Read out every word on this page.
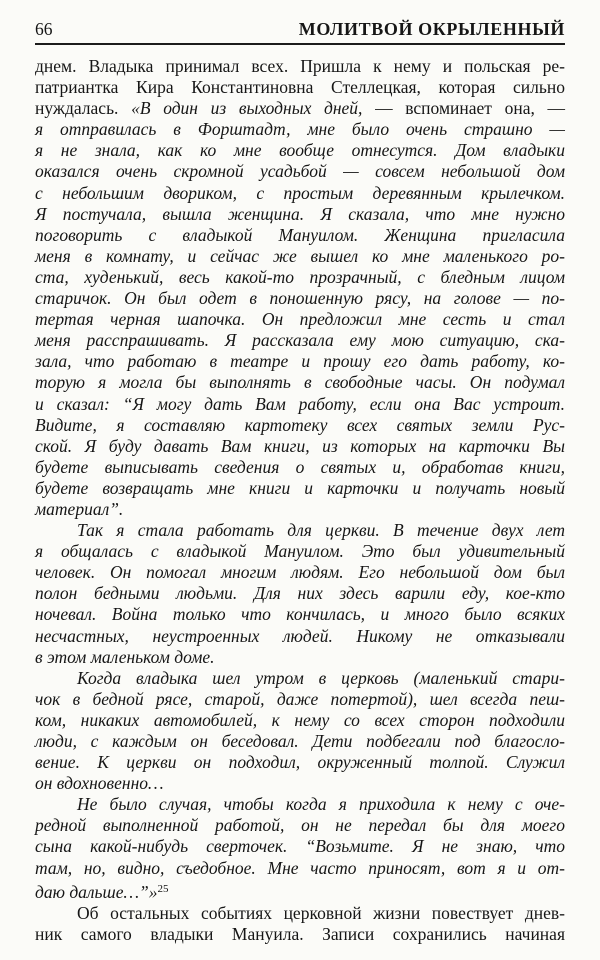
66	МОЛИТВОЙ ОКРЫЛЕННЫЙ
днем. Владыка принимал всех. Пришла к нему и польская ре-
патриантка Кира Константиновна Стеллецкая, которая сильно
нуждалась. «В один из выходных дней, — вспоминает она, —
я отправилась в Форштадт, мне было очень страшно —
я не знала, как ко мне вообще отнесутся. Дом владыки
оказался очень скромной усадьбой — совсем небольшой дом
с небольшим двориком, с простым деревянным крылечком.
Я постучала, вышла женщина. Я сказала, что мне нужно
поговорить с владыкой Мануилом. Женщина пригласила
меня в комнату, и сейчас же вышел ко мне маленького ро-
ста, худенький, весь какой-то прозрачный, с бледным лицом
старичок. Он был одет в поношенную рясу, на голове — по-
тертая черная шапочка. Он предложил мне сесть и стал
меня расспрашивать. Я рассказала ему мою ситуацию, ска-
зала, что работаю в театре и прошу его дать работу, ко-
торую я могла бы выполнять в свободные часы. Он подумал
и сказал: “Я могу дать Вам работу, если она Вас устроит.
Видите, я составляю картотеку всех святых земли Рус-
ской. Я буду давать Вам книги, из которых на карточки Вы
будете выписывать сведения о святых и, обработав книги,
будете возвращать мне книги и карточки и получать новый
материал”.
Так я стала работать для церкви. В течение двух лет
я общалась с владыкой Мануилом. Это был удивительный
человек. Он помогал многим людям. Его небольшой дом был
полон бедными людьми. Для них здесь варили еду, кое-кто
ночевал. Война только что кончилась, и много было всяких
несчастных, неустроенных людей. Никому не отказывали
в этом маленьком доме.
Когда владыка шел утром в церковь (маленький стари-
чок в бедной рясе, старой, даже потертой), шел всегда пеш-
ком, никаких автомобилей, к нему со всех сторон подходили
люди, с каждым он беседовал. Дети подбегали под благосло-
вение. К церкви он подходил, окруженный толпой. Служил
он вдохновенно…
Не было случая, чтобы когда я приходила к нему с оче-
редной выполненной работой, он не передал бы для моего
сына какой-нибудь сверточек. “Возьмите. Я не знаю, что
там, но, видно, съедобное. Мне часто приносят, вот я и от-
даю дальше…”»$^{25}$
Об остальных событиях церковной жизни повествует днев-
ник самого владыки Мануила. Записи сохранились начиная
